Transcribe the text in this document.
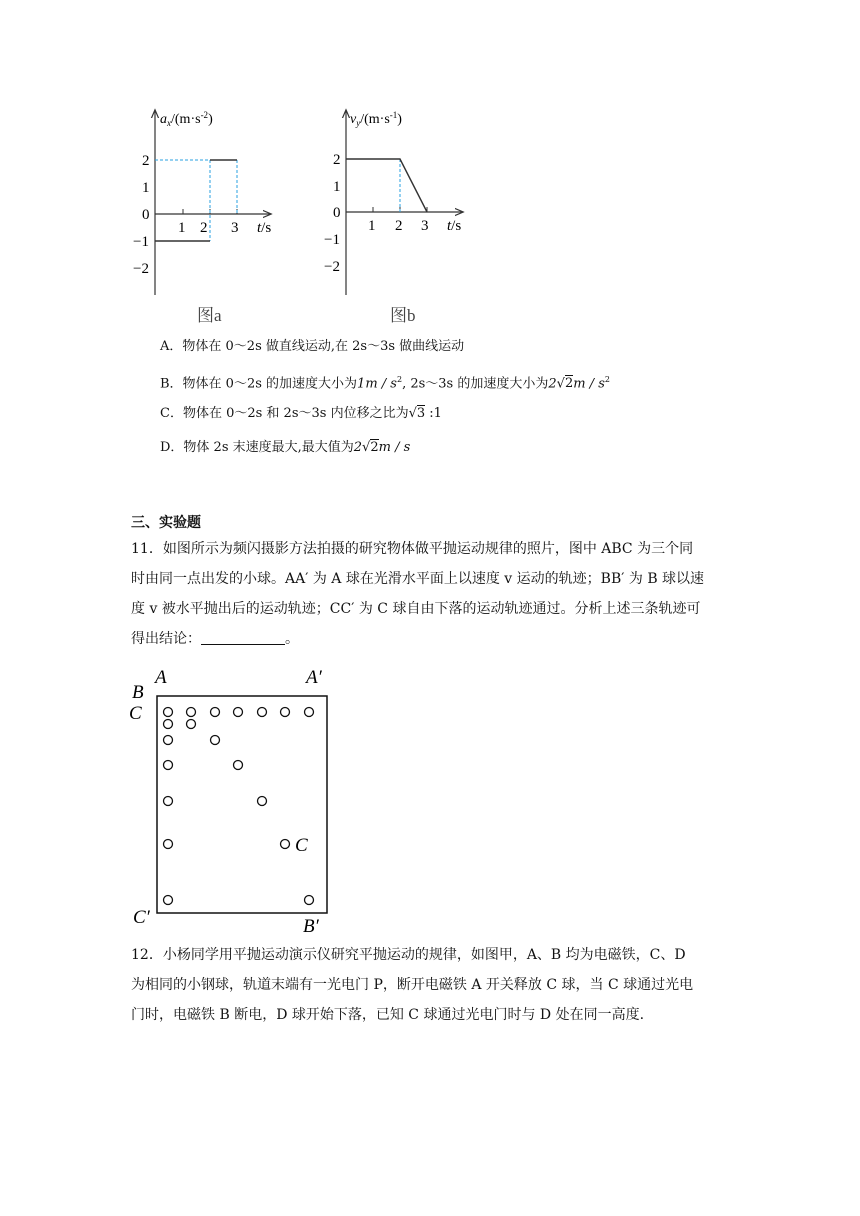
$a_x/(m\cdot s^{-2})$
2
1
0
−1
−2
1 2 3 t/s
图a
$v_y/(m\cdot s^{-1})$
2
1
0
−1
−2
1 2 3 t/s
图b
A．物体在 0～2s 做直线运动,在 2s～3s 做曲线运动
B．物体在 0～2s 的加速度大小为$1m / s^2$, 2s～3s 的加速度大小为$2√2m / s^2$
C．物体在 0～2s 和 2s～3s 内位移之比为√3 :1
D．物体 2s 末速度最大,最大值为2√2m / s
三、实验题

11．如图所示为频闪摄影方法拍摄的研究物体做平抛运动规律的照片，图中 ABC 为三个同

时由同一点出发的小球。AA′ 为 A 球在光滑水平面上以速度 v 运动的轨迹；BB′ 为 B 球以速

度 v 被水平抛出后的运动轨迹；CC′ 为 C 球自由下落的运动轨迹通过。分析上述三条轨迹可

得出结论：	。

A	A′
B
C
C
C′	B′

12．小杨同学用平抛运动演示仪研究平抛运动的规律，如图甲，A、B 均为电磁铁，C、D

为相同的小钢球，轨道末端有一光电门 P，断开电磁铁 A 开关释放 C 球，当 C 球通过光电

门时，电磁铁 B 断电，D 球开始下落，已知 C 球通过光电门时与 D 处在同一高度.
